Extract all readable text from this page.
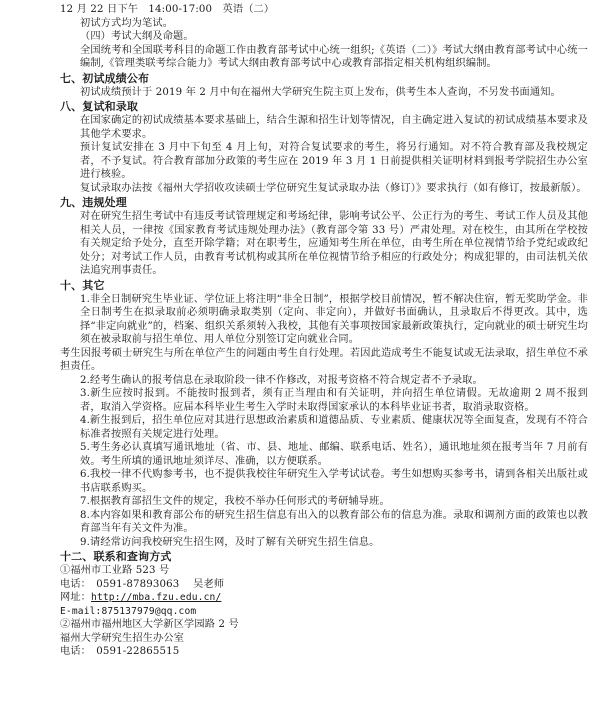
12 月 22 日下午　14:00-17:00　英语（二）
初试方式均为笔试。
（四）考试大纲及命题。
全国统考和全国联考科目的命题工作由教育部考试中心统一组织;《英语（二）》考试大纲由教育部考试中心统一编制,《管理类联考综合能力》考试大纲由教育部考试中心或教育部指定相关机构组织编制。
七、初试成绩公布
初试成绩预计于 2019 年 2 月中旬在福州大学研究生院主页上发布，供考生本人查询，不另发书面通知。
八、复试和录取
在国家确定的初试成绩基本要求基础上，结合生源和招生计划等情况，自主确定进入复试的初试成绩基本要求及其他学术要求。
预计复试安排在 3 月中下旬至 4 月上旬，对符合复试要求的考生，将另行通知。对不符合教育部及我校规定者，不予复试。符合教育部加分政策的考生应在 2019 年 3 月 1 日前提供相关证明材料到报考学院招生办公室进行核验。
复试录取办法按《福州大学招收攻读硕士学位研究生复试录取办法（修订）》要求执行（如有修订，按最新版）。
九、违规处理
对在研究生招生考试中有违反考试管理规定和考场纪律，影响考试公平、公正行为的考生、考试工作人员及其他相关人员，一律按《国家教育考试违规处理办法》（教育部令第 33 号）严肃处理。对在校生，由其所在学校按有关规定给予处分，直至开除学籍；对在职考生，应通知考生所在单位，由考生所在单位视情节给予党纪或政纪处分；对考试工作人员，由教育考试机构或其所在单位视情节给予相应的行政处分；构成犯罪的，由司法机关依法追究刑事责任。
十、其它
1.非全日制研究生毕业证、学位证上将注明“非全日制”，根据学校目前情况，暂不解决住宿，暂无奖助学金。非全日制考生在拟录取前必须明确录取类别（定向、非定向），并做好书面确认，且录取后不得更改。其中，选择“非定向就业”的，档案、组织关系须转入我校，其他有关事项按国家最新政策执行，定向就业的硕士研究生均须在被录取前与招生单位、用人单位分别签订定向就业合同。
考生因报考硕士研究生与所在单位产生的问题由考生自行处理。若因此造成考生不能复试或无法录取，招生单位不承担责任。
2.经考生确认的报考信息在录取阶段一律不作修改，对报考资格不符合规定者不予录取。
3.新生应按时报到。不能按时报到者，须有正当理由和有关证明，并向招生单位请假。无故逾期 2 周不报到者，取消入学资格。应届本科毕业生考生入学时未取得国家承认的本科毕业证书者，取消录取资格。
4.新生报到后，招生单位应对其进行思想政治素质和道德品质、专业素质、健康状况等全面复查，发现有不符合标准者按照有关规定进行处理。
5.考生务必认真填写通讯地址（省、市、县、地址、邮编、联系电话、姓名），通讯地址须在报考当年 7 月前有效。考生所填的通讯地址须详尽、准确，以方便联系。
6.我校一律不代购参考书，也不提供我校往年研究生入学考试试卷。考生如想购买参考书，请到各相关出版社或书店联系购买。
7.根据教育部招生文件的规定，我校不举办任何形式的考研辅导班。
8.本内容如果和教育部公布的研究生招生信息有出入的以教育部公布的信息为准。录取和调剂方面的政策也以教育部当年有关文件为准。
9.请经常访问我校研究生招生网，及时了解有关研究生招生信息。
十二、联系和查询方式
①福州市工业路 523 号
电话：　0591-87893063　 吴老师
网址：http://mba.fzu.edu.cn/
E-mail:875137979@qq.com
②福州市福州地区大学新区学园路 2 号
福州大学研究生招生办公室
电话：　0591-22865515
